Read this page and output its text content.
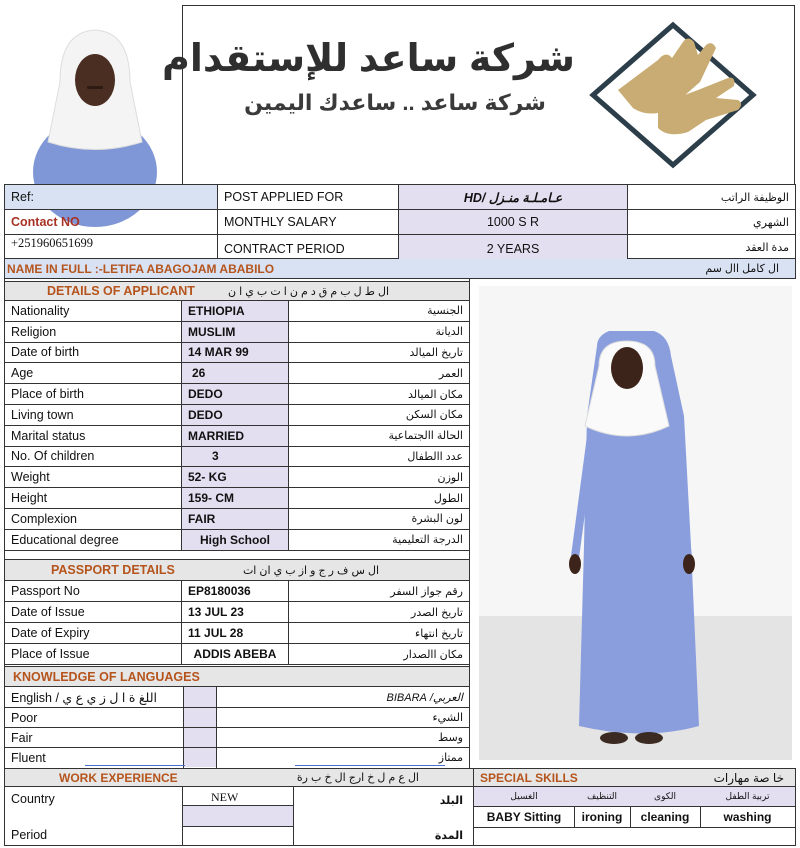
شركة ساعد للإستقدام
شركة ساعد .. ساعدك اليمين
Ref:	POST APPLIED FOR	HD/ عـامـلـة منـزل	الوظيفة الراتب
Contact NO	MONTHLY SALARY	1000 S R	الشهري
+251960651699	CONTRACT PERIOD	2 YEARS	مدة العقد
NAME IN FULL :-LETIFA ABAGOJAM ABABILO	ال كامل اال سم
DETAILS OF APPLICANT	ال ط ل ب م ق د م ن ا ت ب ي ا ن
Nationality	ETHIOPIA	الجنسية
Religion	MUSLIM	الديانة
Date of birth	14 MAR 99	تاريخ الميالد
Age	26	العمر
Place of birth	DEDO	مكان الميالد
Living town	DEDO	مكان السكن
Marital status	MARRIED	الحالة االجتماعية
No. Of children	3	عدد االطفال
Weight	52- KG	الوزن
Height	159- CM	الطول
Complexion	FAIR	لون البشرة
Educational degree	High School	الدرجة التعليمية
PASSPORT DETAILS	ال س ف ر ج و از ب ي ان ات
Passport No	EP8180036	رقم جواز السفر
Date of Issue	13 JUL 23	تاريخ الصدر
Date of Expiry	11 JUL 28	تاريخ انتهاء
Place of Issue	ADDIS ABEBA	مكان االصدار
KNOWLEDGE OF LANGUAGES
English / اللغ ة ا ل ز ي ع ي	العربي/ BIBARA
Poor	الشيء
Fair	وسط
Fluent	ممتاز
WORK EXPERIENCE	ال ع م ل خ ارج ال خ ب رة
Country	NEW	البلد
Period	المدة
SPECIAL SKILLS	خا صة مهارات
الغسيل	التنظيف	الكوى	تربية الطفل
BABY Sitting	ironing	cleaning	washing
